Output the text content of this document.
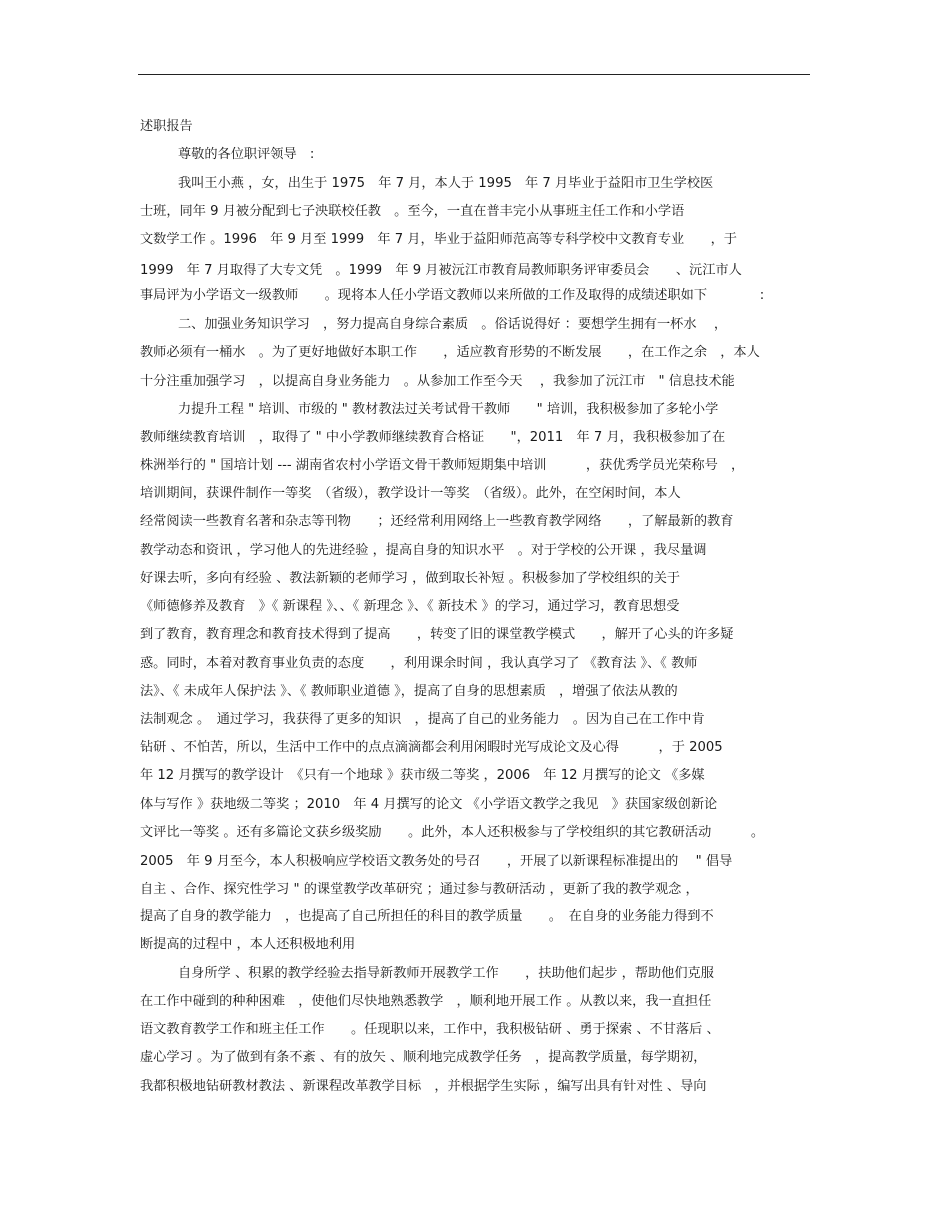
述职报告
尊敬的各位职评领导　:
我叫王小燕 ，女，出生于 1975　年 7 月，本人于 1995　年 7 月毕业于益阳市卫生学校医
士班，同年 9 月被分配到七子泱联校任教　。至今，一直在普丰完小从事班主任工作和小学语
文数学工作 。1996　年 9 月至 1999　年 7 月，毕业于益阳师范高等专科学校中文教育专业　　，于
1999　年 7 月取得了大专文凭　。1999　年 9 月被沅江市教育局教师职务评审委员会　　、沅江市人
事局评为小学语文一级教师　　。现将本人任小学语文教师以来所做的工作及取得的成绩述职如下　　　　:
二、加强业务知识学习　，努力提高自身综合素质　。俗话说得好 ：要想学生拥有一杯水 　，
教师必须有一桶水　。为了更好地做好本职工作　　，适应教育形势的不断发展　　，在工作之余　，本人
十分注重加强学习　，以提高自身业务能力　。从参加工作至今天 　，我参加了沅江市　" 信息技术能
力提升工程 " 培训、市级的 " 教材教法过关考试骨干教师　　" 培训，我积极参加了多轮小学
教师继续教育培训　，取得了 " 中小学教师继续教育合格证　　"，2011　年 7 月，我积极参加了在
株洲举行的 " 国培计划 --- 湖南省农村小学语文骨干教师短期集中培训　　　，获优秀学员光荣称号　，
培训期间，获课件制作一等奖　（省级），教学设计一等奖　（省级）。此外，在空闲时间，本人
经常阅读一些教育名著和杂志等刊物　　；还经常利用网络上一些教育教学网络　　，了解最新的教育
教学动态和资讯 ，学习他人的先进经验 ，提高自身的知识水平　。对于学校的公开课 ，我尽量调
好课去听，多向有经验 、教法新颖的老师学习 ，做到取长补短 。积极参加了学校组织的关于
《师德修养及教育　》《 新课程 》、、《 新理念 》、《 新技术 》的学习，通过学习，教育思想受
到了教育，教育理念和教育技术得到了提高　　，转变了旧的课堂教学模式　　，解开了心头的许多疑
惑。同时，本着对教育事业负责的态度　　，利用课余时间 ，我认真学习了 《教育法 》、《 教师
法》、《 未成年人保护法 》、《 教师职业道德 》，提高了自身的思想素质　，增强了依法从教的
法制观念 。　通过学习，我获得了更多的知识　，提高了自己的业务能力　。因为自己在工作中肯
钻研 、不怕苦，所以，生活中工作中的点点滴滴都会利用闲暇时光写成论文及心得　　　，于 2005
年 12 月撰写的教学设计　《只有一个地球 》获市级二等奖 ，2006　年 12 月撰写的论文 《多媒
体与写作 》获地级二等奖 ；2010　年 4 月撰写的论文 《小学语文教学之我见　》获国家级创新论
文评比一等奖 。还有多篇论文获乡级奖励　　。此外，本人还积极参与了学校组织的其它教研活动　　　。
2005　年 9 月至今，本人积极响应学校语文教务处的号召　　，开展了以新课程标准提出的　 " 倡导
自主 、合作、探究性学习 " 的课堂教学改革研究 ；通过参与教研活动 ，更新了我的教学观念 ，
提高了自身的教学能力　，也提高了自己所担任的科目的教学质量　　。　在自身的业务能力得到不
断提高的过程中 ，本人还积极地利用
自身所学 、积累的教学经验去指导新教师开展教学工作　　，扶助他们起步 ，帮助他们克服
在工作中碰到的种种困难　，使他们尽快地熟悉教学　，顺利地开展工作 。从教以来，我一直担任
语文教育教学工作和班主任工作　　。任现职以来，工作中，我积极钻研 、勇于探索 、不甘落后 、
虚心学习 。为了做到有条不紊 、有的放矢 、顺利地完成教学任务　，提高教学质量，每学期初，
我都积极地钻研教材教法 、新课程改革教学目标　，并根据学生实际 ，编写出具有针对性 、导向
